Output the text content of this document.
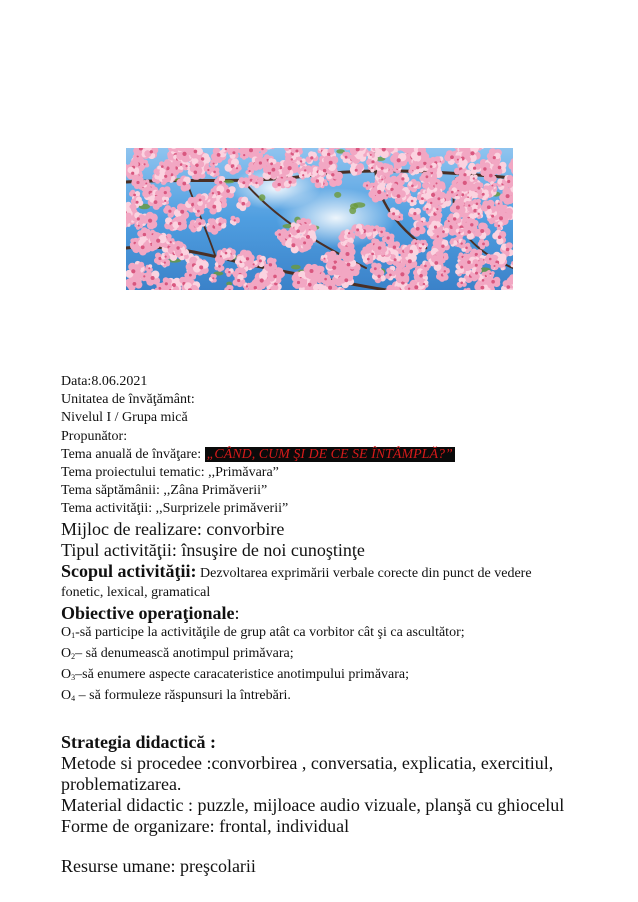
Data:8.06.2021
Unitatea de învăţământ:
Nivelul I / Grupa mică
Propunător:
Tema anuală de învăţare: „CÂND, CUM ŞI DE CE SE ÎNTÂMPLĂ?”
Tema proiectului tematic: ,,Primăvara”
Tema săptămânii: ,,Zâna Primăverii”
Tema activităţii: ,,Surprizele primăverii”
Mijloc de realizare: convorbire
Tipul activităţii: însuşire de noi cunoştinţe
Scopul activităţii: Dezvoltarea exprimării verbale corecte din punct de vedere
fonetic, lexical, gramatical
Obiective operaţionale:
$O_1-să$ participe la activităţile de grup atât ca vorbitor cât şi ca ascultător;
$O_2-$ să denumească anotimpul primăvara;
$O_3-să$ enumere aspecte caracateristice anotimpului primăvara;
$O_4$ – să formuleze răspunsuri la întrebări.
Strategia didactică :
Metode si procedee :convorbirea , conversatia, explicatia, exercitiul,
problematizarea.
Material didactic : puzzle, mijloace audio vizuale, planşă cu ghiocelul
Forme de organizare: frontal, individual
Resurse umane: preşcolarii
